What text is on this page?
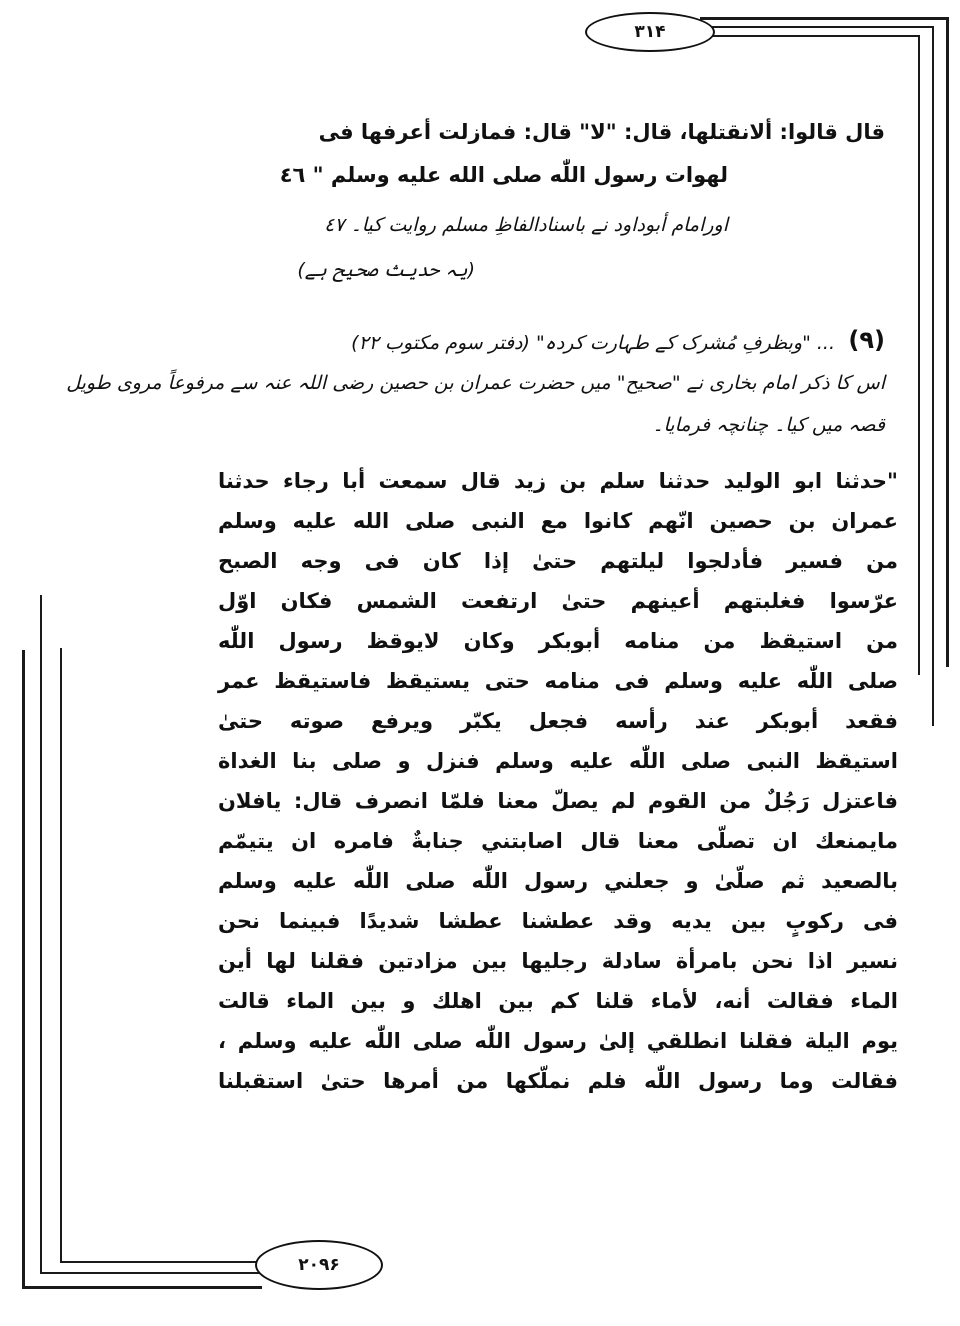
۳۱۴
۲۰۹۶
قال قالوا: ألانقتلها، قال: "لا" قال: فمازلت أعرفها فى
لهوات رسول اللّٰه صلى الله عليه وسلم " ٤٦
اورامام أبوداود نے باسنادالفاظِ مسلم روایت کیا۔ ٤٧
(یہ حدیث صحیح ہے)
(۹)
... "وبظرفِ مُشرک کے طہارت کردہ" (دفتر سوم مکتوب ۲۲)
اس کا ذکر امام بخاری نے "صحیح" میں حضرت عمران بن حصین رضی اللہ عنہ سے مرفوعاً مروی طویل
قصہ میں کیا۔ چنانچہ فرمایا۔
"حدثنا ابو الوليد حدثنا سلم بن زيد قال سمعت أبا رجاء حدثنا
عمران بن حصين انّهم كانوا مع النبى صلى الله عليه وسلم
من فسير فأدلجوا ليلتهم حتىٰ إذا كان فى وجه الصبح
عرّسوا فغلبتهم أعينهم حتىٰ ارتفعت الشمس فكان اوّل
من استيقظ من منامه أبوبكر وكان لايوقظ رسول اللّٰه
صلى اللّٰه عليه وسلم فى منامه حتى يستيقظ فاستيقظ عمر
فقعد أبوبكر عند رأسه فجعل يكبّر ويرفع صوته حتىٰ
استيقظ النبى صلى اللّٰه عليه وسلم فنزل و صلى بنا الغداة
فاعتزل رَجُلٌ من القوم لم يصلّ معنا فلمّا انصرف قال: يافلان
مايمنعك ان تصلّى معنا قال اصابتني جنابةٌ فامره ان يتيمّم
بالصعيد ثم صلّىٰ و جعلني رسول اللّٰه صلى اللّٰه عليه وسلم
فى ركوبٍ بين يديه وقد عطشنا عطشا شديدًا فبينما نحن
نسير اذا نحن بامرأة سادلة رجليها بين مزادتين فقلنا لها أين
الماء فقالت أنه، لأماء قلنا كم بين اهلك و بين الماء قالت
يوم اليلة فقلنا انطلقي إلىٰ رسول اللّٰه صلى اللّٰه عليه وسلم ،
فقالت وما رسول اللّٰه فلم نملّكها من أمرها حتىٰ استقبلنا
